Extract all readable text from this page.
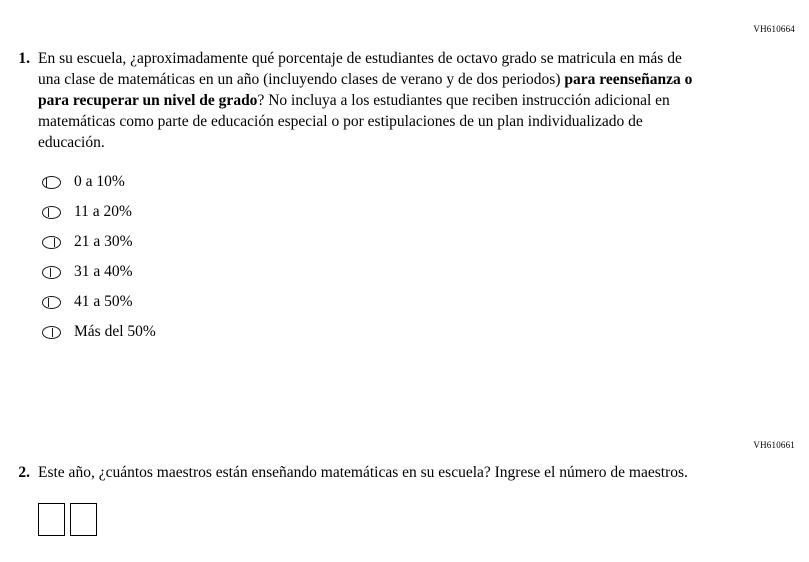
VH610664
1. En su escuela, ¿aproximadamente qué porcentaje de estudiantes de octavo grado se matricula en más de una clase de matemáticas en un año (incluyendo clases de verano y de dos periodos) para reenseñanza o para recuperar un nivel de grado? No incluya a los estudiantes que reciben instrucción adicional en matemáticas como parte de educación especial o por estipulaciones de un plan individualizado de educación.
0 a 10%
11 a 20%
21 a 30%
31 a 40%
41 a 50%
Más del 50%
VH610661
2. Este año, ¿cuántos maestros están enseñando matemáticas en su escuela? Ingrese el número de maestros.
